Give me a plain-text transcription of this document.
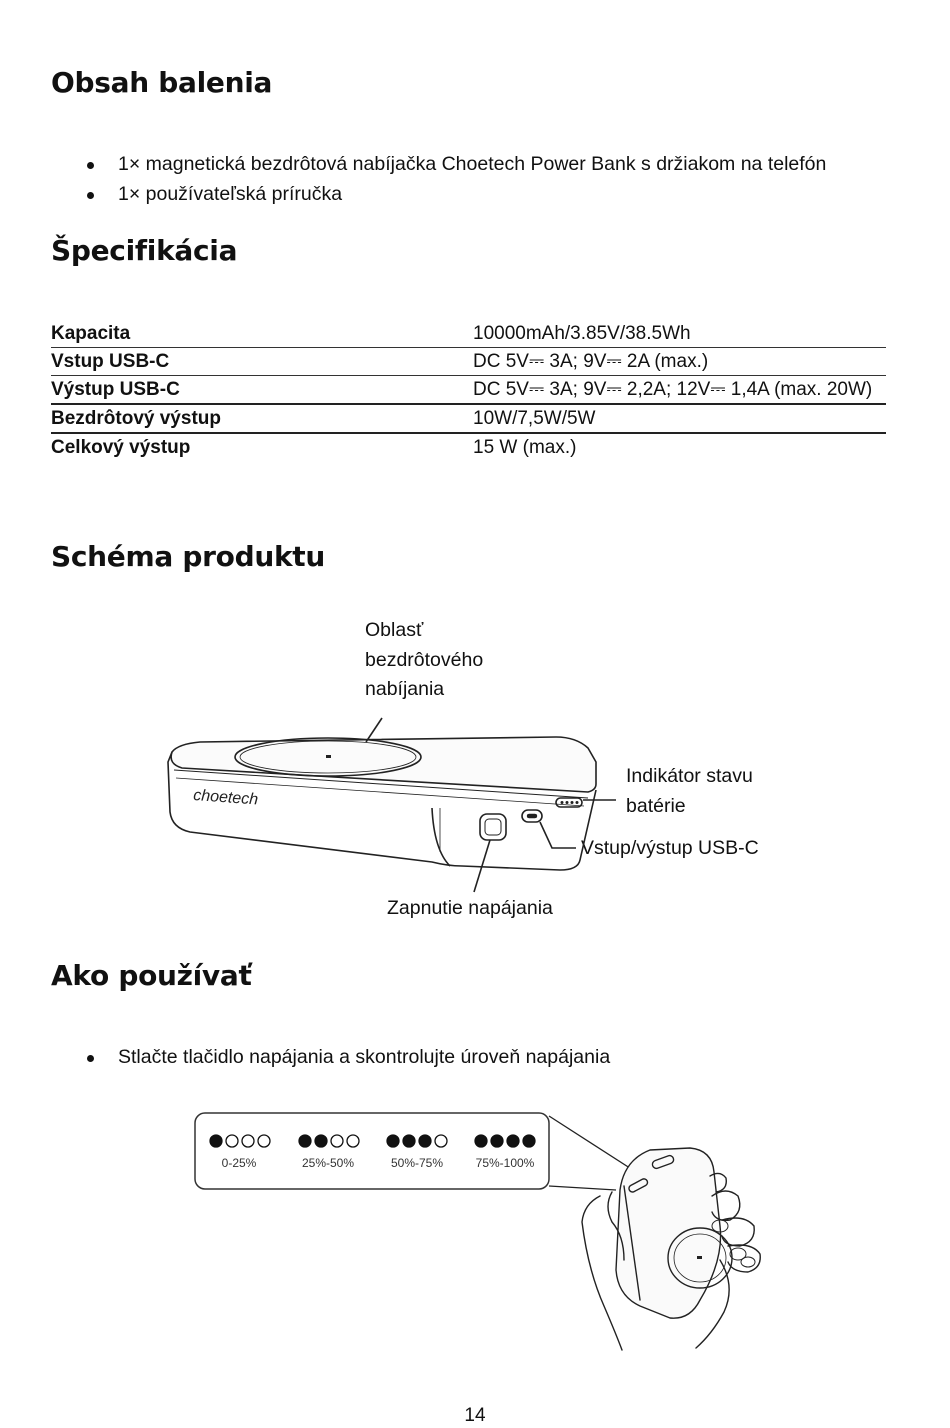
Obsah balenia
1× magnetická bezdrôtová nabíjačka Choetech Power Bank s držiakom na telefón
1× používateľská príručka
Špecifikácia
Kapacita	10000mAh/3.85V/38.5Wh
Vstup USB-C	DC 5V⎓ 3A; 9V⎓ 2A (max.)
Výstup USB-C	DC 5V⎓ 3A; 9V⎓ 2,2A; 12V⎓ 1,4A (max. 20W)
Bezdrôtový výstup	10W/7,5W/5W
Celkový výstup	15 W (max.)
Schéma produktu
Oblasť
bezdrôtového
nabíjania
Indikátor stavu
batérie
Vstup/výstup USB-C
Zapnutie napájania
choetech
Ako používať
Stlačte tlačidlo napájania a skontrolujte úroveň napájania
0-25%	25%-50%	50%-75%	75%-100%
14
